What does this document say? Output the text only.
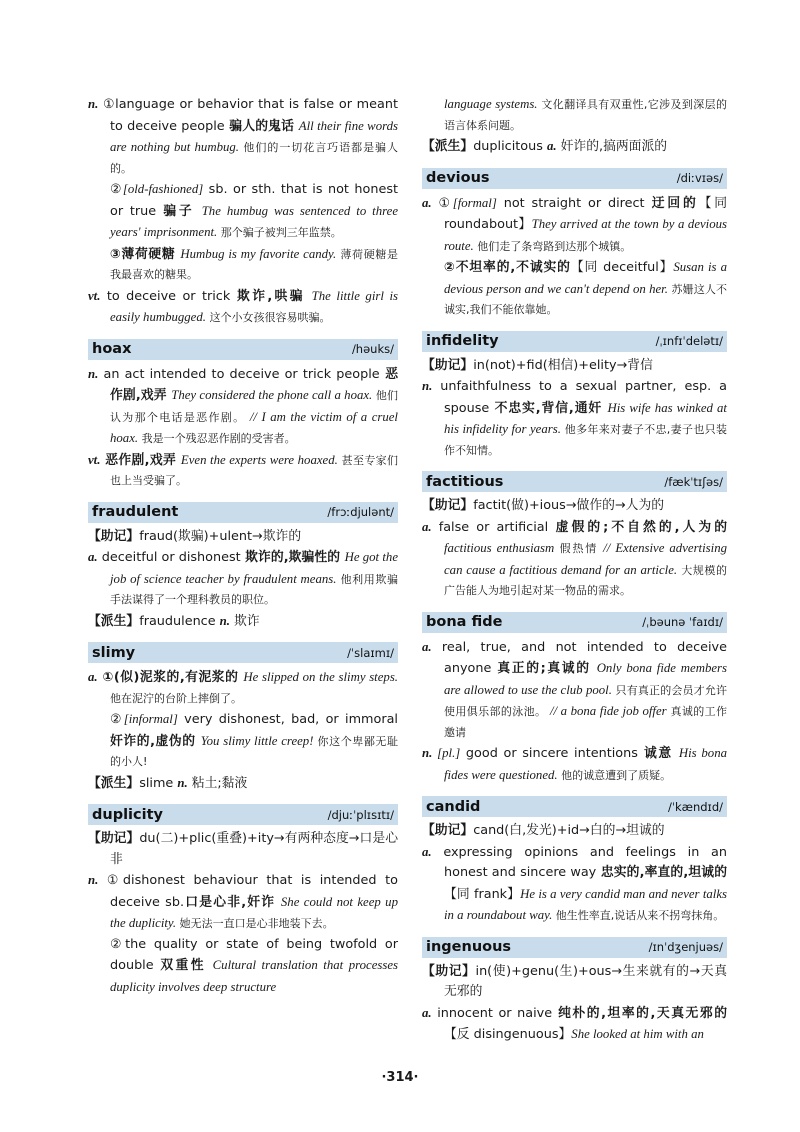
n. ①language or behavior that is false or meant to deceive people 骗人的鬼话 All their fine words are nothing but humbug. 他们的一切花言巧语都是骗人的。

②[old-fashioned] sb. or sth. that is not honest or true 骗子 The humbug was sentenced to three years' imprisonment. 那个骗子被判三年监禁。

③薄荷硬糖 Humbug is my favorite candy. 薄荷硬糖是我最喜欢的糖果。

vt. to deceive or trick 欺诈,哄骗 The little girl is easily humbugged. 这个小女孩很容易哄骗。

hoax	/həuks/

n. an act intended to deceive or trick people 恶作剧,戏弄 They considered the phone call a hoax. 他们认为那个电话是恶作剧。 // I am the victim of a cruel hoax. 我是一个残忍恶作剧的受害者。

vt. 恶作剧,戏弄 Even the experts were hoaxed. 甚至专家们也上当受骗了。

fraudulent	/frɔːdjulənt/

【助记】fraud(欺骗)+ulent→欺诈的

a. deceitful or dishonest 欺诈的,欺骗性的 He got the job of science teacher by fraudulent means. 他利用欺骗手法谋得了一个理科教员的职位。

【派生】fraudulence n. 欺诈

slimy	/ˈslaɪmɪ/

a. ①(似)泥浆的,有泥浆的 He slipped on the slimy steps. 他在泥泞的台阶上摔倒了。

②[informal] very dishonest, bad, or immoral 奸诈的,虚伪的 You slimy little creep! 你这个卑鄙无耻的小人!

【派生】slime n. 粘土;黏液

duplicity	/djuːˈplɪsɪtɪ/

【助记】du(二)+plic(重叠)+ity→有两种态度→口是心非

n. ①dishonest behaviour that is intended to deceive sb.口是心非,奸诈 She could not keep up the duplicity. 她无法一直口是心非地装下去。

②the quality or state of being twofold or double 双重性 Cultural translation that processes duplicity involves deep structure

language systems. 文化翻译具有双重性,它涉及到深层的语言体系问题。

【派生】duplicitous a. 奸诈的,搞两面派的

devious	/diːvɪəs/

a. ①[formal] not straight or direct 迂回的【同 roundabout】They arrived at the town by a devious route. 他们走了条弯路到达那个城镇。

②不坦率的,不诚实的【同 deceitful】Susan is a devious person and we can't depend on her. 苏姗这人不诚实,我们不能依靠她。

infidelity	/ˌɪnfɪˈdelətɪ/

【助记】in(not)+fid(相信)+elity→背信

n. unfaithfulness to a sexual partner, esp. a spouse 不忠实,背信,通奸 His wife has winked at his infidelity for years. 他多年来对妻子不忠,妻子也只装作不知情。

factitious	/fækˈtɪʃəs/

【助记】factit(做)+ious→做作的→人为的

a. false or artificial 虚假的;不自然的,人为的 factitious enthusiasm 假热情 // Extensive advertising can cause a factitious demand for an article. 大规模的广告能人为地引起对某一物品的需求。

bona fide	/ˌbəunə ˈfaɪdɪ/

a. real, true, and not intended to deceive anyone 真正的;真诚的 Only bona fide members are allowed to use the club pool. 只有真正的会员才允许使用俱乐部的泳池。 // a bona fide job offer 真诚的工作邀请

n. [pl.] good or sincere intentions 诚意 His bona fides were questioned. 他的诚意遭到了质疑。

candid	/ˈkændɪd/

【助记】cand(白,发光)+id→白的→坦诚的

a. expressing opinions and feelings in an honest and sincere way 忠实的,率直的,坦诚的【同 frank】He is a very candid man and never talks in a roundabout way. 他生性率直,说话从来不拐弯抹角。

ingenuous	/ɪnˈdʒenjuəs/

【助记】in(使)+genu(生)+ous→生来就有的→天真无邪的

a. innocent or naive 纯朴的,坦率的,天真无邪的【反 disingenuous】She looked at him with an

·314·
